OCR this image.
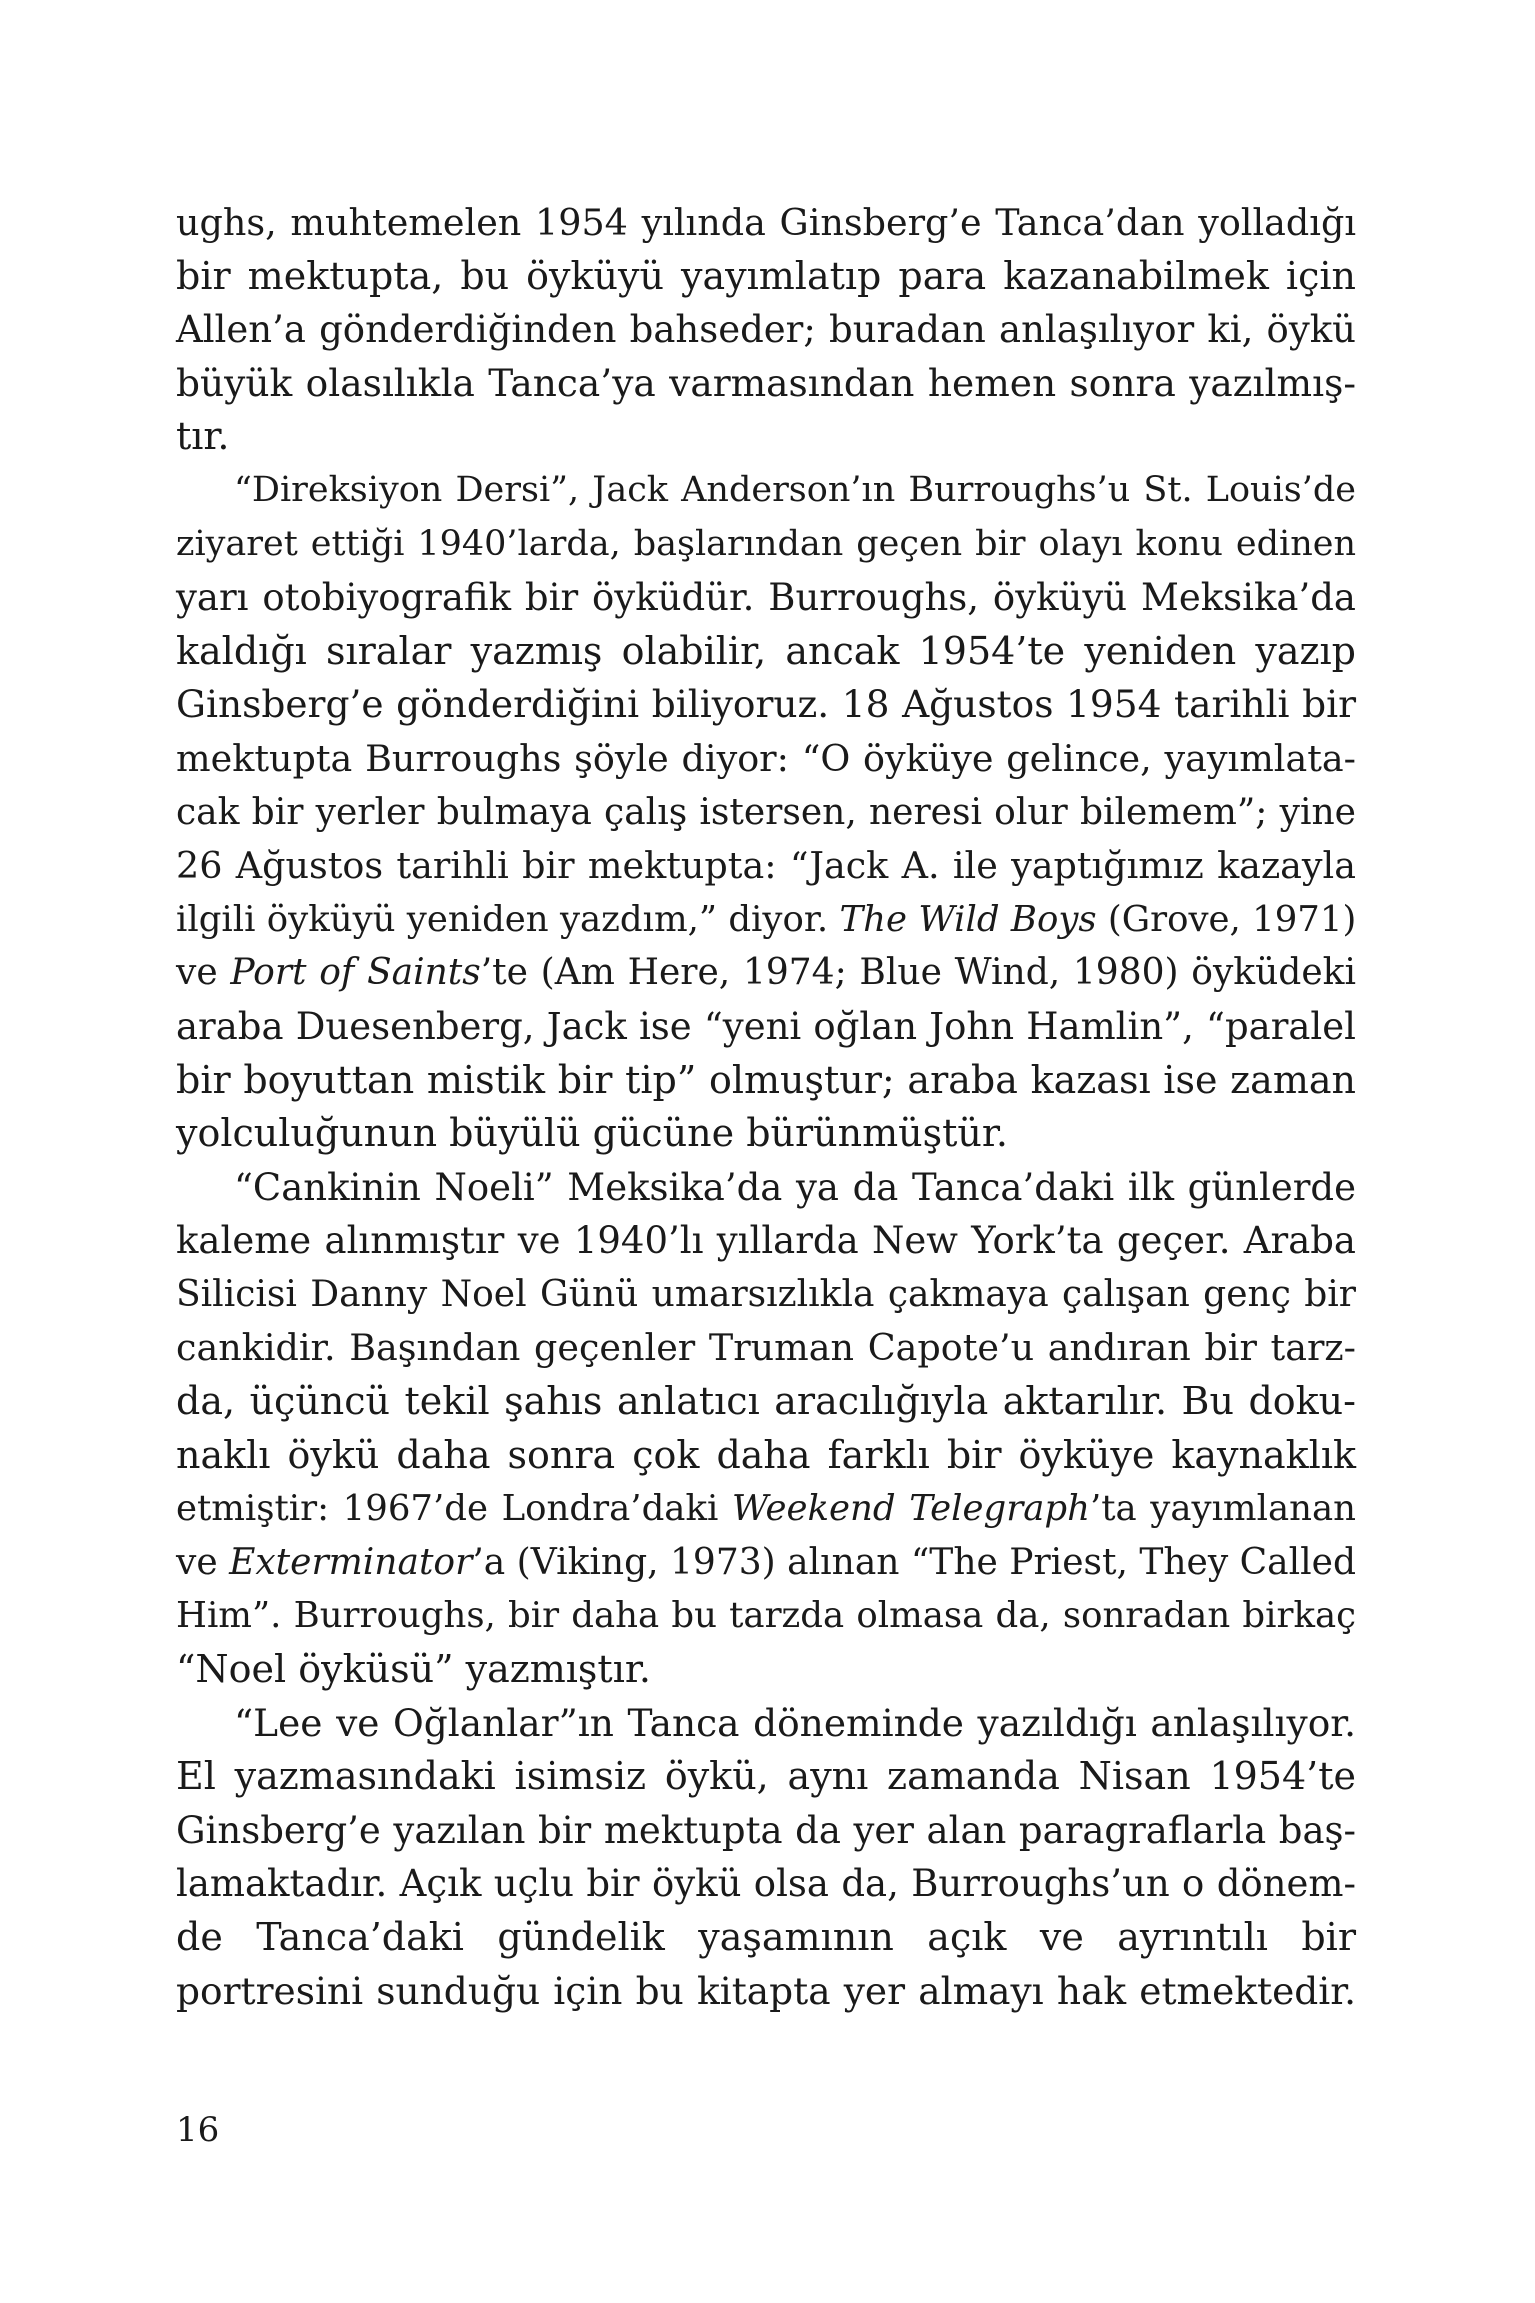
ughs, muhtemelen 1954 yılında Ginsberg’e Tanca’dan yolladığı
bir mektupta, bu öyküyü yayımlatıp para kazanabilmek için
Allen’a gönderdiğinden bahseder; buradan anlaşılıyor ki, öykü
büyük olasılıkla Tanca’ya varmasından hemen sonra yazılmış-
tır.
“Direksiyon Dersi”, Jack Anderson’ın Burroughs’u St. Louis’de
ziyaret ettiği 1940’larda, başlarından geçen bir olayı konu edinen
yarı otobiyografik bir öyküdür. Burroughs, öyküyü Meksika’da
kaldığı sıralar yazmış olabilir, ancak 1954’te yeniden yazıp
Ginsberg’e gönderdiğini biliyoruz. 18 Ağustos 1954 tarihli bir
mektupta Burroughs şöyle diyor: “O öyküye gelince, yayımlata-
cak bir yerler bulmaya çalış istersen, neresi olur bilemem”; yine
26 Ağustos tarihli bir mektupta: “Jack A. ile yaptığımız kazayla
ilgili öyküyü yeniden yazdım,” diyor. The Wild Boys (Grove, 1971)
ve Port of Saints’te (Am Here, 1974; Blue Wind, 1980) öyküdeki
araba Duesenberg, Jack ise “yeni oğlan John Hamlin”, “paralel
bir boyuttan mistik bir tip” olmuştur; araba kazası ise zaman
yolculuğunun büyülü gücüne bürünmüştür.
“Cankinin Noeli” Meksika’da ya da Tanca’daki ilk günlerde
kaleme alınmıştır ve 1940’lı yıllarda New York’ta geçer. Araba
Silicisi Danny Noel Günü umarsızlıkla çakmaya çalışan genç bir
cankidir. Başından geçenler Truman Capote’u andıran bir tarz-
da, üçüncü tekil şahıs anlatıcı aracılığıyla aktarılır. Bu doku-
naklı öykü daha sonra çok daha farklı bir öyküye kaynaklık
etmiştir: 1967’de Londra’daki Weekend Telegraph’ta yayımlanan
ve Exterminator’a (Viking, 1973) alınan “The Priest, They Called
Him”. Burroughs, bir daha bu tarzda olmasa da, sonradan birkaç
“Noel öyküsü” yazmıştır.
“Lee ve Oğlanlar”ın Tanca döneminde yazıldığı anlaşılıyor.
El yazmasındaki isimsiz öykü, aynı zamanda Nisan 1954’te
Ginsberg’e yazılan bir mektupta da yer alan paragraflarla baş-
lamaktadır. Açık uçlu bir öykü olsa da, Burroughs’un o dönem-
de Tanca’daki gündelik yaşamının açık ve ayrıntılı bir
portresini sunduğu için bu kitapta yer almayı hak etmektedir.
16
